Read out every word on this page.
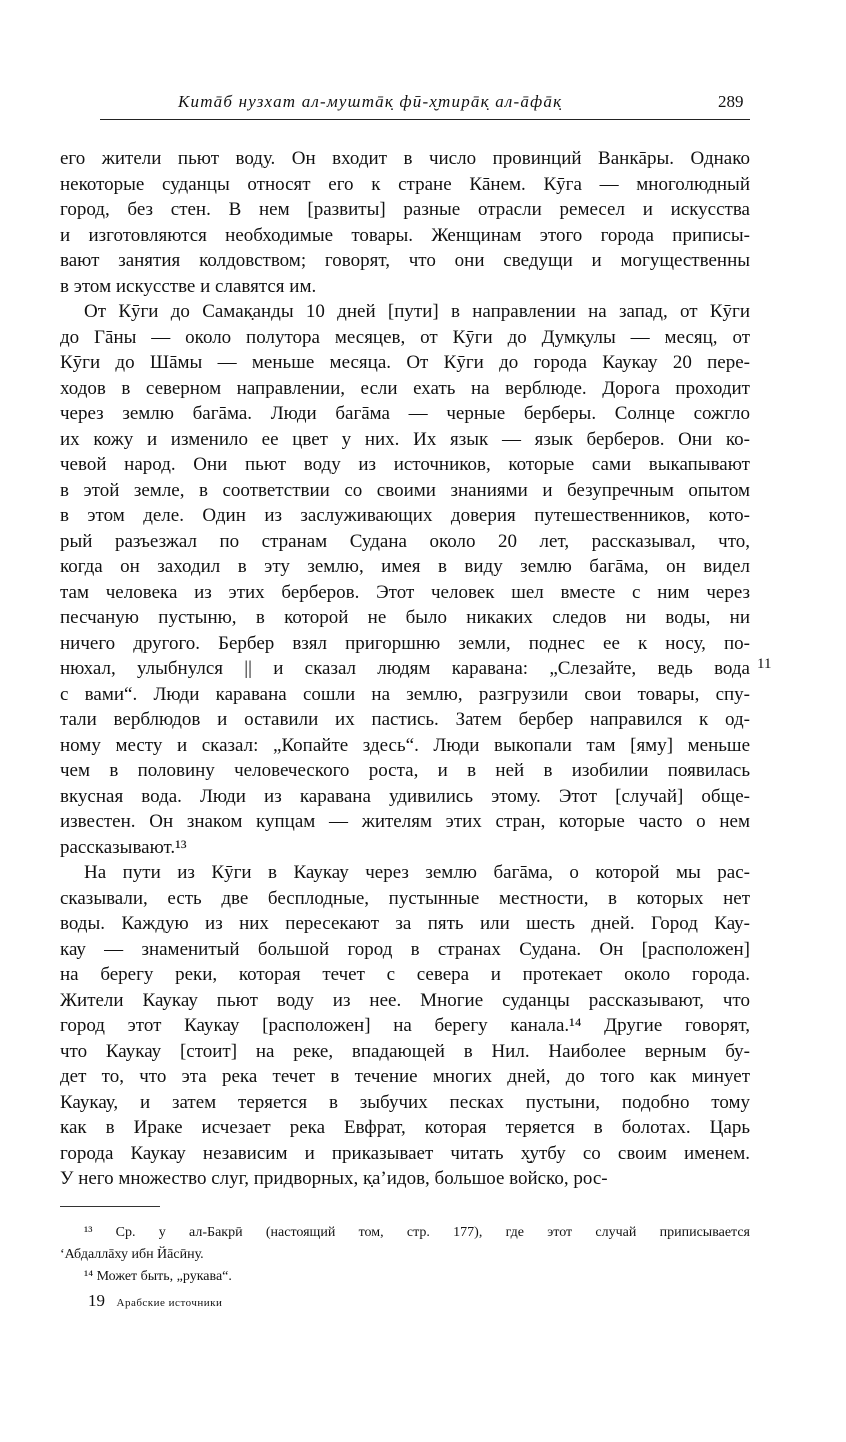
Китāб нузхат ал-муштāк̣ фӣ-х̮тирāк̣ ал-āфāк̣	289
его жители пьют воду. Он входит в число провинций Ванкāры. Однако
некоторые суданцы относят его к стране Кāнем. Кӯга — многолюдный
город, без стен. В нем [развиты] разные отрасли ремесел и искусства
и изготовляются необходимые товары. Женщинам этого города приписы-
вают занятия колдовством; говорят, что они сведущи и могущественны
в этом искусстве и славятся им.
От Кӯги до Самак̣анды 10 дней [пути] в направлении на запад, от Кӯги
до Гāны — около полутора месяцев, от Кӯги до Думк̣улы — месяц, от
Кӯги до Шāмы — меньше месяца. От Кӯги до города Каукау 20 пере-
ходов в северном направлении, если ехать на верблюде. Дорога проходит
через землю багāма. Люди багāма — черные берберы. Солнце сожгло
их кожу и изменило ее цвет у них. Их язык — язык берберов. Они ко-
чевой народ. Они пьют воду из источников, которые сами выкапывают
в этой земле, в соответствии со своими знаниями и безупречным опытом
в этом деле. Один из заслуживающих доверия путешественников, кото-
рый разъезжал по странам Судана около 20 лет, рассказывал, что,
когда он заходил в эту землю, имея в виду землю багāма, он видел
там человека из этих берберов. Этот человек шел вместе с ним через
песчаную пустыню, в которой не было никаких следов ни воды, ни
ничего другого. Бербер взял пригоршню земли, поднес ее к носу, по-
нюхал, улыбнулся || и сказал людям каравана: „Слезайте, ведь вода
с вами“. Люди каравана сошли на землю, разгрузили свои товары, спу-
тали верблюдов и оставили их пастись. Затем бербер направился к од-
ному месту и сказал: „Копайте здесь“. Люди выкопали там [яму] меньше
чем в половину человеческого роста, и в ней в изобилии появилась
вкусная вода. Люди из каравана удивились этому. Этот [случай] обще-
известен. Он знаком купцам — жителям этих стран, которые часто о нем
рассказывают.¹³
На пути из Кӯги в Каукау через землю багāма, о которой мы рас-
сказывали, есть две бесплодные, пустынные местности, в которых нет
воды. Каждую из них пересекают за пять или шесть дней. Город Кау-
кау — знаменитый большой город в странах Судана. Он [расположен]
на берегу реки, которая течет с севера и протекает около города.
Жители Каукау пьют воду из нее. Многие суданцы рассказывают, что
город этот Каукау [расположен] на берегу канала.¹⁴ Другие говорят,
что Каукау [стоит] на реке, впадающей в Нил. Наиболее верным бу-
дет то, что эта река течет в течение многих дней, до того как минует
Каукау, и затем теряется в зыбучих песках пустыни, подобно тому
как в Ираке исчезает река Евфрат, которая теряется в болотах. Царь
города Каукау независим и приказывает читать х̮утбу со своим именем.
У него множество слуг, придворных, к̣а’идов, большое войско, рос-
11
¹³ Ср. у ал-Бакрӣ (настоящий том, стр. 177), где этот случай приписывается
‘Абдаллāху ибн Йāсӣну.
¹⁴ Может быть, „рукава“.
19 Арабские источники
